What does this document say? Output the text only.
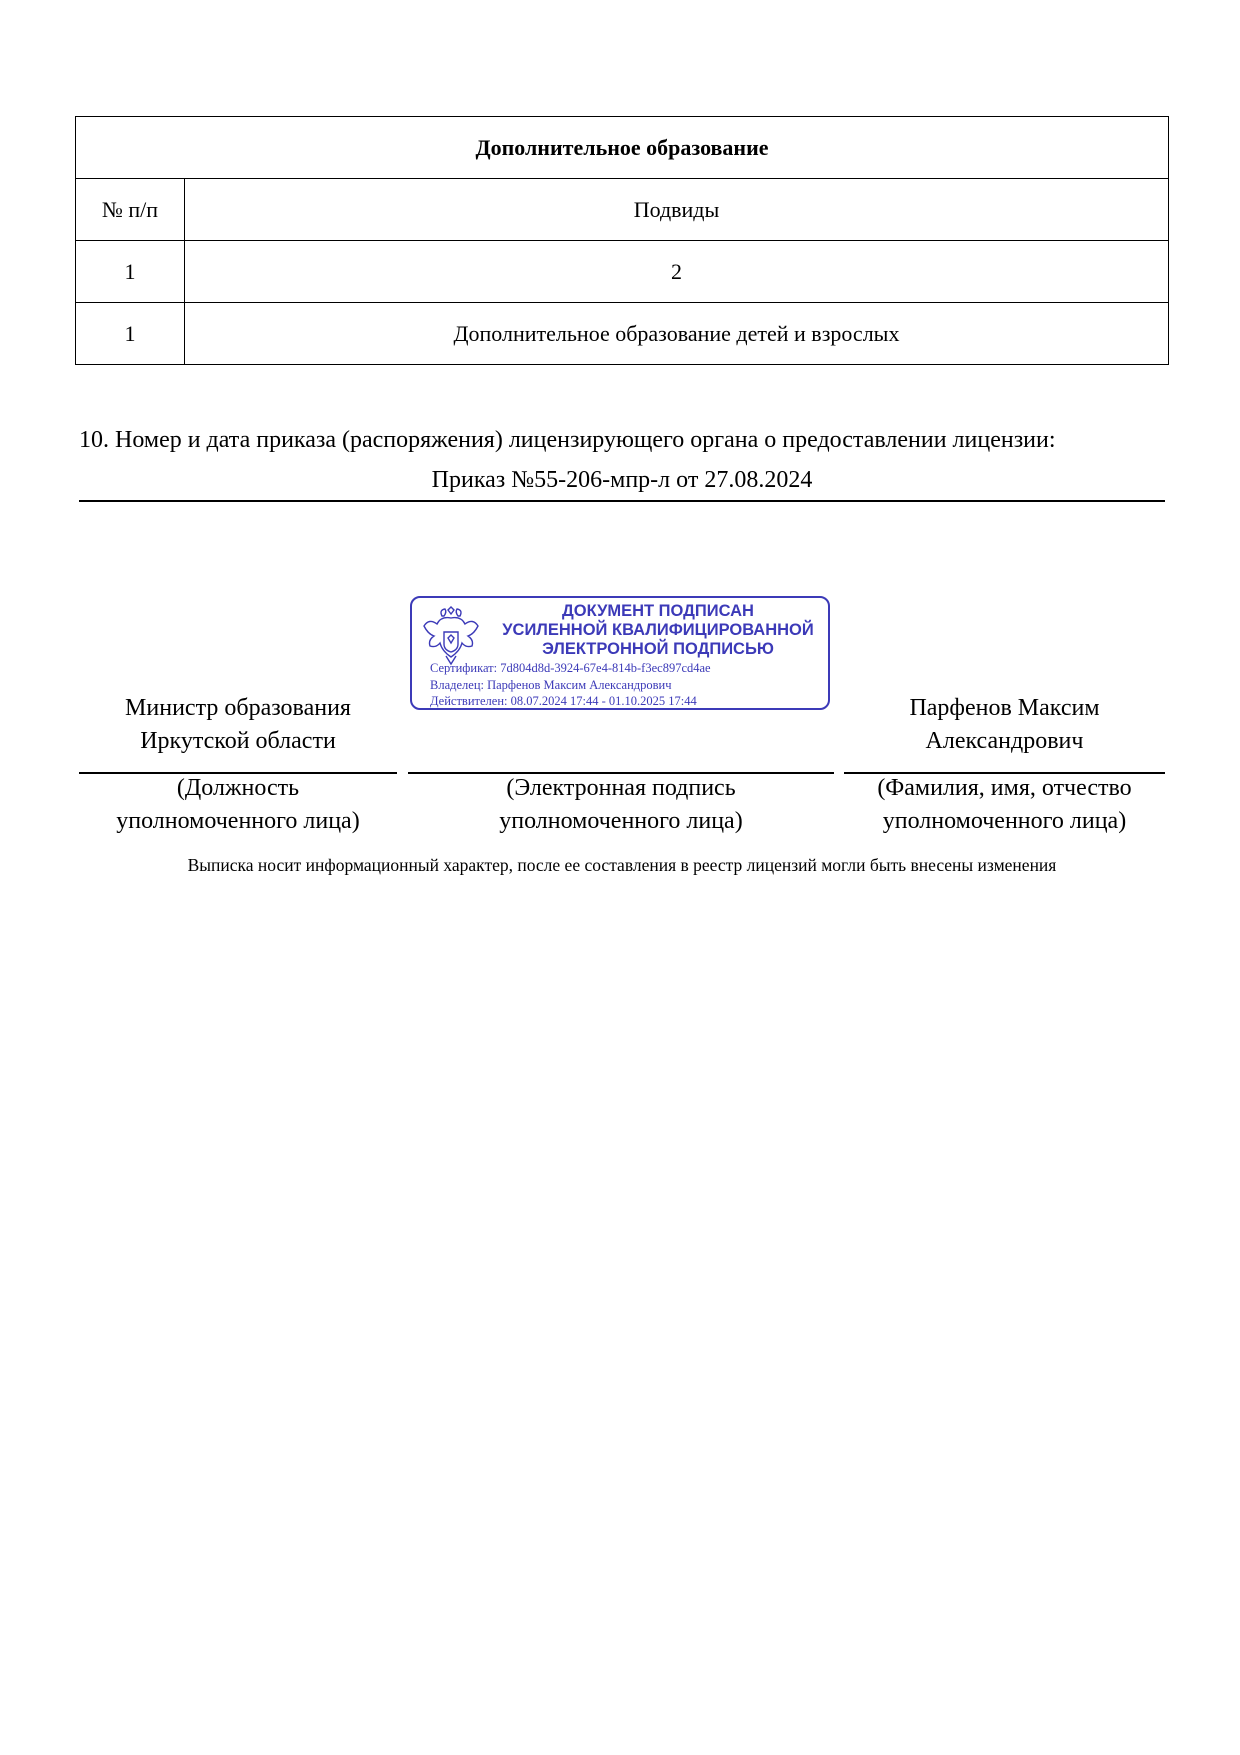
Дополнительное образование	
№ п/п	Подвиды
1	2
1	Дополнительное образование детей и взрослых
10. Номер и дата приказа (распоряжения) лицензирующего органа о предоставлении лицензии:
Приказ №55-206-мпр-л от 27.08.2024
ДОКУМЕНТ ПОДПИСАН
УСИЛЕННОЙ КВАЛИФИЦИРОВАННОЙ
ЭЛЕКТРОННОЙ ПОДПИСЬЮ
Сертификат: 7d804d8d-3924-67e4-814b-f3ec897cd4ae
Владелец: Парфенов Максим Александрович
Действителен: 08.07.2024 17:44 - 01.10.2025 17:44
Министр образования
Иркутской области
Парфенов Максим
Александрович
(Должность
уполномоченного лица)
(Электронная подпись
уполномоченного лица)
(Фамилия, имя, отчество
уполномоченного лица)
Выписка носит информационный характер, после ее составления в реестр лицензий могли быть внесены изменения
